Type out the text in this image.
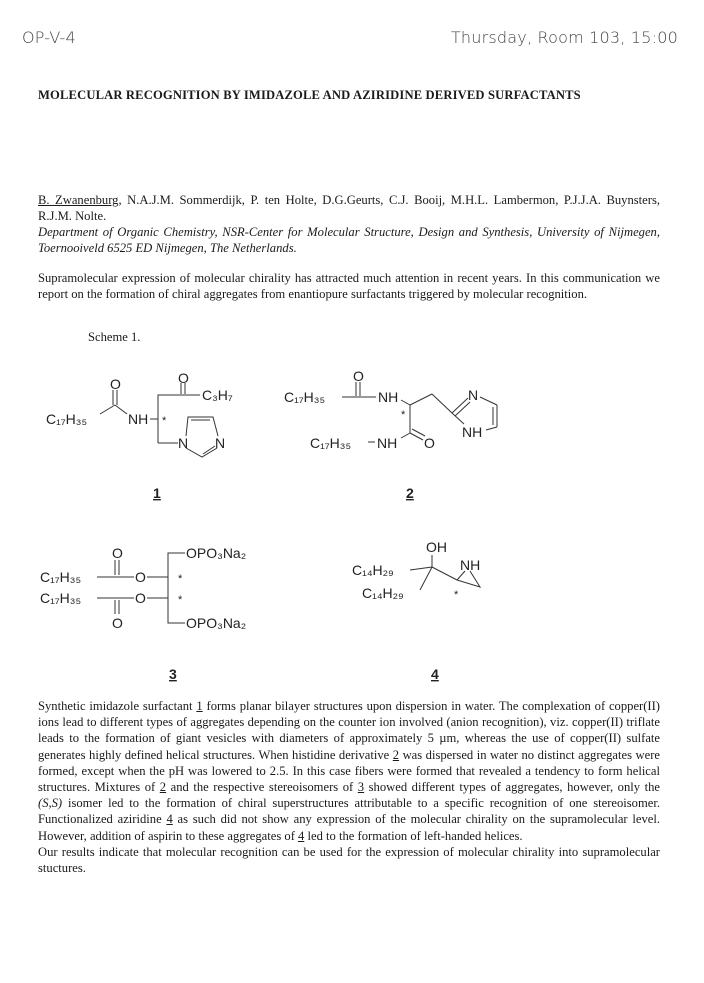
OP-V-4	Thursday, Room 103, 15:00
MOLECULAR RECOGNITION BY IMIDAZOLE AND AZIRIDINE DERIVED SURFACTANTS
B. Zwanenburg, N.A.J.M. Sommerdijk, P. ten Holte, D.G.Geurts, C.J. Booij, M.H.L. Lambermon, P.J.J.A. Buynsters, R.J.M. Nolte.
Department of Organic Chemistry, NSR-Center for Molecular Structure, Design and Synthesis, University of Nijmegen, Toernooiveld 6525 ED Nijmegen, The Netherlands.
Supramolecular expression of molecular chirality has attracted much attention in recent years. In this communication we report on the formation of chiral aggregates from enantiopure surfactants triggered by molecular recognition.
Scheme 1.
C₁₇H₃₅
O
NH
O
C₃H₇
*
N N
C₁₇H₃₅
O
NH
*
O
C₁₇H₃₅ NH
N
NH
C₁₇H₃₅
O
O
C₁₇H₃₅
O
O
OPO₃Na₂
OPO₃Na₂
*
*
OH
C₁₄H₂₉
C₁₄H₂₉
NH
*
1	2
3	4
Synthetic imidazole surfactant 1 forms planar bilayer structures upon dispersion in water. The complexation of copper(II) ions lead to different types of aggregates depending on the counter ion involved (anion recognition), viz. copper(II) triflate leads to the formation of giant vesicles with diameters of approximately 5 µm, whereas the use of copper(II) sulfate generates highly defined helical structures. When histidine derivative 2 was dispersed in water no distinct aggregates were formed, except when the pH was lowered to 2.5. In this case fibers were formed that revealed a tendency to form helical structures. Mixtures of 2 and the respective stereoisomers of 3 showed different types of aggregates, however, only the (S,S) isomer led to the formation of chiral superstructures attributable to a specific recognition of one stereoisomer. Functionalized aziridine 4 as such did not show any expression of the molecular chirality on the supramolecular level. However, addition of aspirin to these aggregates of 4 led to the formation of left-handed helices.
Our results indicate that molecular recognition can be used for the expression of molecular chirality into supramolecular stuctures.
